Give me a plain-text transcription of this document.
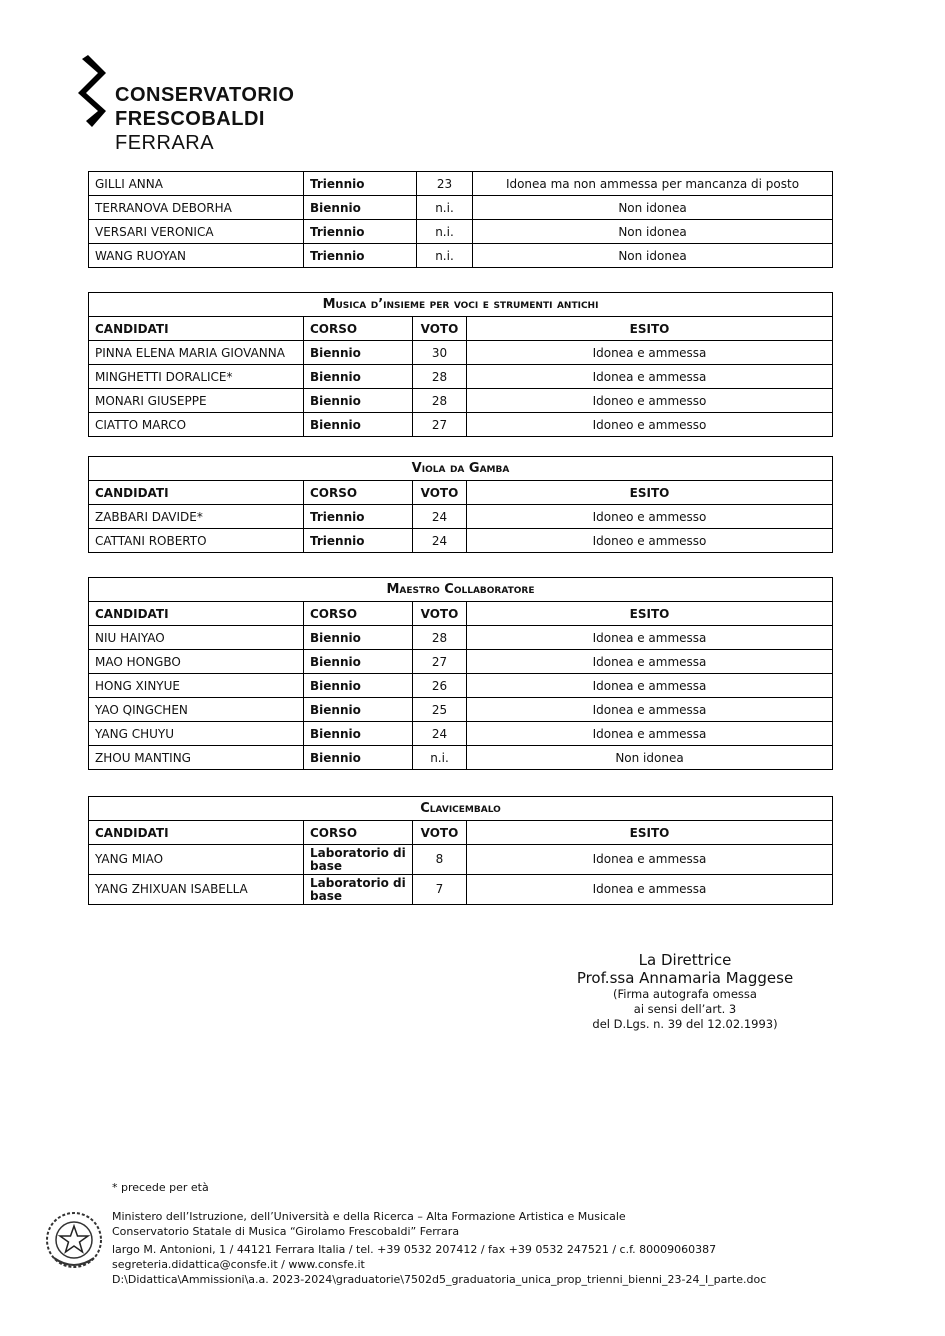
CONSERVATORIO
FRESCOBALDI
FERRARA
GILLI ANNA	Triennio	23	Idonea ma non ammessa per mancanza di posto
TERRANOVA DEBORHA	Biennio	n.i.	Non idonea
VERSARI VERONICA	Triennio	n.i.	Non idonea
WANG RUOYAN	Triennio	n.i.	Non idonea
Musica d’insieme per voci e strumenti antichi			
CANDIDATI	CORSO	VOTO	ESITO
PINNA ELENA MARIA GIOVANNA	Biennio	30	Idonea e ammessa
MINGHETTI DORALICE*	Biennio	28	Idonea e ammessa
MONARI GIUSEPPE	Biennio	28	Idoneo e ammesso
CIATTO MARCO	Biennio	27	Idoneo e ammesso
Viola da Gamba			
CANDIDATI	CORSO	VOTO	ESITO
ZABBARI DAVIDE*	Triennio	24	Idoneo e ammesso
CATTANI ROBERTO	Triennio	24	Idoneo e ammesso
Maestro Collaboratore			
CANDIDATI	CORSO	VOTO	ESITO
NIU HAIYAO	Biennio	28	Idonea e ammessa
MAO HONGBO	Biennio	27	Idonea e ammessa
HONG XINYUE	Biennio	26	Idonea e ammessa
YAO QINGCHEN	Biennio	25	Idonea e ammessa
YANG CHUYU	Biennio	24	Idonea e ammessa
ZHOU MANTING	Biennio	n.i.	Non idonea
Clavicembalo			
CANDIDATI	CORSO	VOTO	ESITO
YANG MIAO	Laboratorio di base	8	Idonea e ammessa
YANG ZHIXUAN ISABELLA	Laboratorio di base	7	Idonea e ammessa
La Direttrice
Prof.ssa Annamaria Maggese
(Firma autografa omessa
ai sensi dell’art. 3
del D.Lgs. n. 39 del 12.02.1993)
* precede per età
Ministero dell’Istruzione, dell’Università e della Ricerca – Alta Formazione Artistica e Musicale
Conservatorio Statale di Musica “Girolamo Frescobaldi” Ferrara
largo M. Antonioni, 1 / 44121 Ferrara Italia / tel. +39 0532 207412 / fax +39 0532 247521 / c.f. 80009060387
segreteria.didattica@consfe.it / www.consfe.it
D:\Didattica\Ammissioni\a.a. 2023-2024\graduatorie\7502d5_graduatoria_unica_prop_trienni_bienni_23-24_I_parte.doc
